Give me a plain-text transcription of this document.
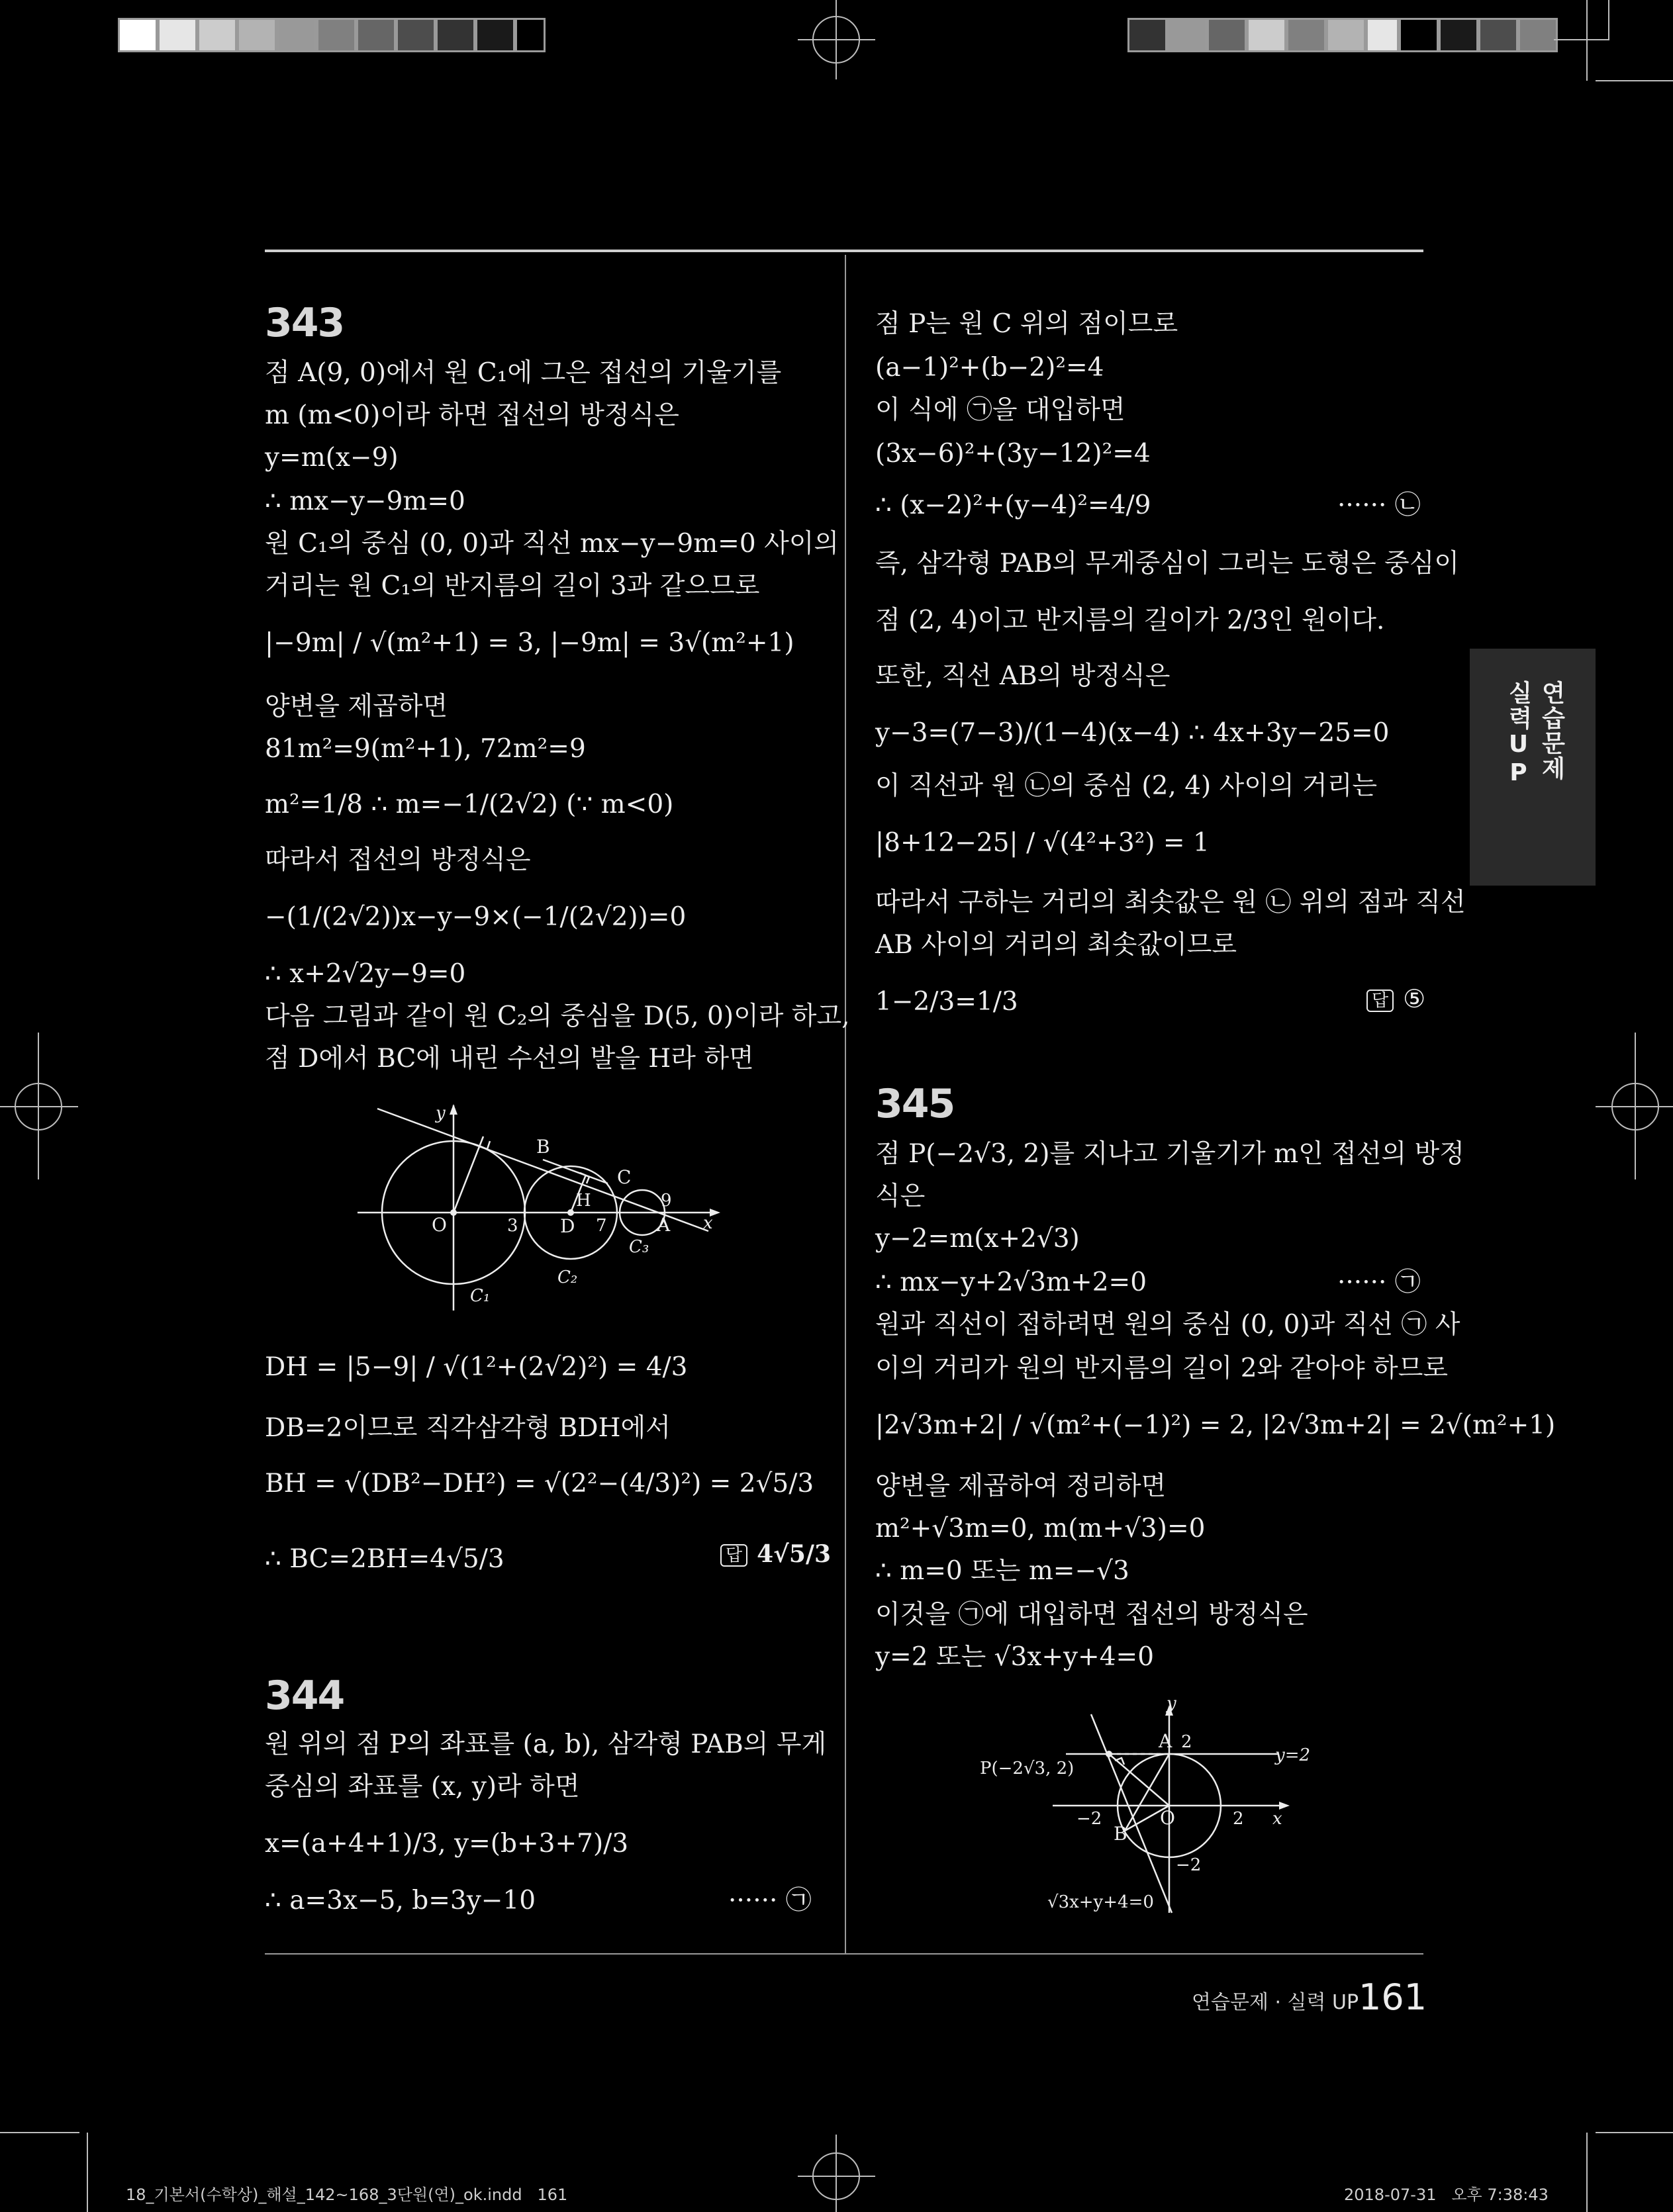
연습문제
실력UP
343
점 A(9, 0)에서 원 C₁에 그은 접선의 기울기를
m (m<0)이라 하면 접선의 방정식은
y=m(x−9)
∴ mx−y−9m=0
원 C₁의 중심 (0, 0)과 직선 mx−y−9m=0 사이의
거리는 원 C₁의 반지름의 길이 3과 같으므로
|−9m| / √(m²+1) = 3, |−9m| = 3√(m²+1)
양변을 제곱하면
81m²=9(m²+1), 72m²=9
m²=1/8 ∴ m=−1/(2√2) (∵ m<0)
따라서 접선의 방정식은
−(1/(2√2))x−y−9×(−1/(2√2))=0
∴ x+2√2y−9=0
다음 그림과 같이 원 C₂의 중심을 D(5, 0)이라 하고,
점 D에서 BC에 내린 수선의 발을 H라 하면
y
B
C
H
O	3 D 7
9
A x
C₃
C₂
C₁
DH = |5−9| / √(1²+(2√2)²) = 4/3
DB=2이므로 직각삼각형 BDH에서
BH = √(DB²−DH²) = √(2²−(4/3)²) = 2√5/3
∴ BC=2BH=4√5/3	답 4√5/3
344
원 위의 점 P의 좌표를 (a, b), 삼각형 PAB의 무게
중심의 좌표를 (x, y)라 하면
x=(a+4+1)/3, y=(b+3+7)/3
∴ a=3x−5, b=3y−10	······ ㉠
점 P는 원 C 위의 점이므로
(a−1)²+(b−2)²=4
이 식에 ㉠을 대입하면
(3x−6)²+(3y−12)²=4
∴ (x−2)²+(y−4)²=4/9	······ ㉡
즉, 삼각형 PAB의 무게중심이 그리는 도형은 중심이
점 (2, 4)이고 반지름의 길이가 2/3인 원이다.
또한, 직선 AB의 방정식은
y−3=(7−3)/(1−4)(x−4) ∴ 4x+3y−25=0
이 직선과 원 ㉡의 중심 (2, 4) 사이의 거리는
|8+12−25| / √(4²+3²) = 1
따라서 구하는 거리의 최솟값은 원 ㉡ 위의 점과 직선
AB 사이의 거리의 최솟값이므로
1−2/3=1/3	답 ⑤
345
점 P(−2√3, 2)를 지나고 기울기가 m인 접선의 방정
식은
y−2=m(x+2√3)
∴ mx−y+2√3m+2=0	······ ㉠
원과 직선이 접하려면 원의 중심 (0, 0)과 직선 ㉠ 사
이의 거리가 원의 반지름의 길이 2와 같아야 하므로
|2√3m+2| / √(m²+(−1)²) = 2, |2√3m+2| = 2√(m²+1)
양변을 제곱하여 정리하면
m²+√3m=0, m(m+√3)=0
∴ m=0 또는 m=−√3
이것을 ㉠에 대입하면 접선의 방정식은
y=2 또는 √3x+y+4=0
y
A 2
y=2
P(−2√3, 2)
−2	O	2 x
B
−2
√3x+y+4=0
연습문제 · 실력 UP 161
18_기본서(수학상)_해설_142~168_3단원(연)_ok.indd   161	2018-07-31   오후 7:38:43
